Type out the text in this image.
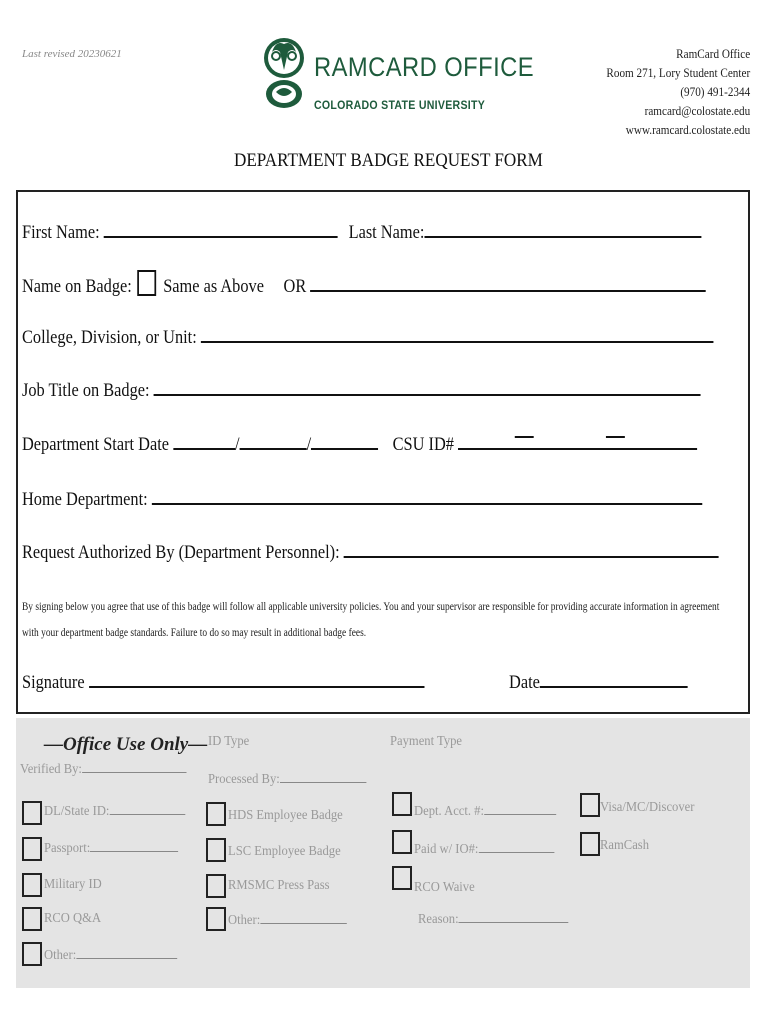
Last revised 20230621	RAMCARD OFFICE
COLORADO STATE UNIVERSITY
RamCard Office
Room 271, Lory Student Center
(970) 491-2344
ramcard@colostate.edu
www.ramcard.colostate.edu
DEPARTMENT BADGE REQUEST FORM
First Name:	Last Name:
Name on Badge: Same as Above OR
College, Division, or Unit:
Job Title on Badge:
Department Start Date	/	/	CSU ID#
Home Department:
Request Authorized By (Department Personnel):
By signing below you agree that use of this badge will follow all applicable university policies. You and your supervisor are responsible for providing accurate information in agreement
with your department badge standards. Failure to do so may result in additional badge fees.
Signature	Date
—Office Use Only—
Verified By:
DL/State ID:
Passport:
Military ID
RCO Q&A
Other:
ID Type
Processed By:
HDS Employee Badge
LSC Employee Badge
RMSMC Press Pass
Other:
Payment Type
Dept. Acct. #:
Paid w/ IO#:
RCO Waive
Reason:
Visa/MC/Discover
RamCash
